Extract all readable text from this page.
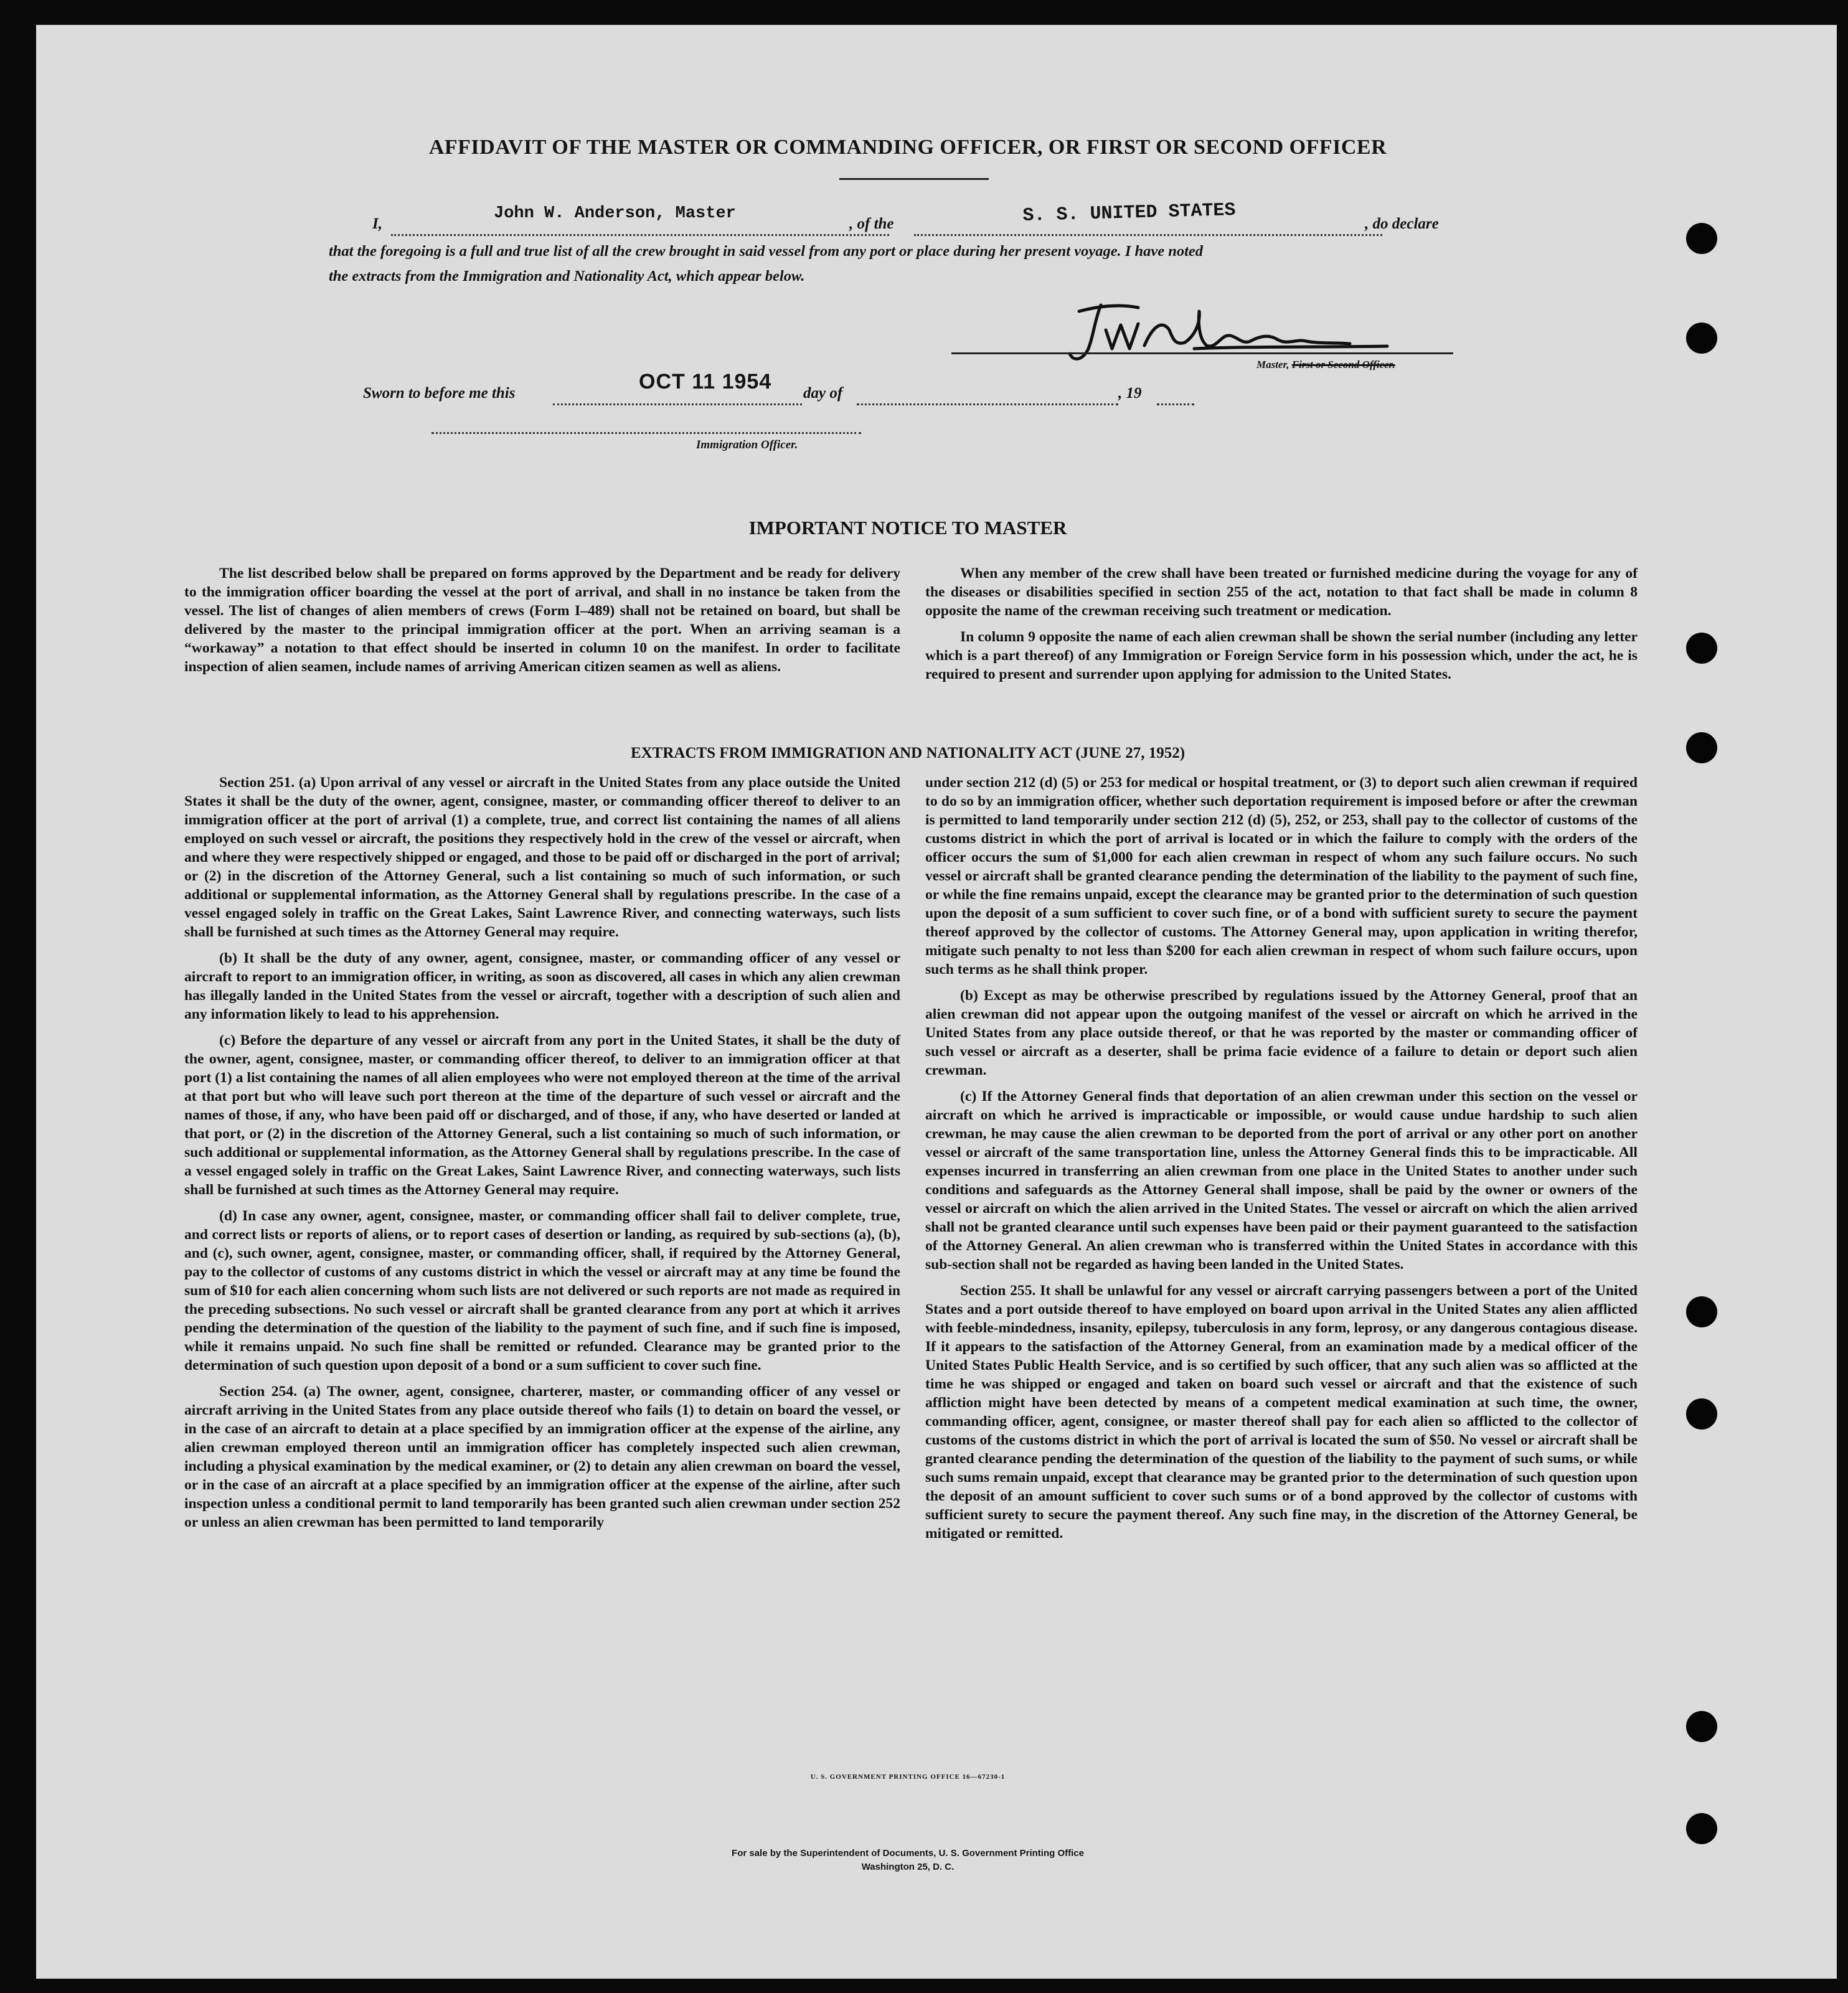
AFFIDAVIT OF THE MASTER OR COMMANDING OFFICER, OR FIRST OR SECOND OFFICER
I,
John W. Anderson, Master
, of the	S. S. UNITED STATES	, do declare
that the foregoing is a full and true list of all the crew brought in said vessel from any port or place during her present voyage. I have noted
the extracts from the Immigration and Nationality Act, which appear below.
Master, First or Second Officer.
Sworn to before me this	OCT 11 1954 day of	, 19
Immigration Officer.
IMPORTANT NOTICE TO MASTER

The list described below shall be prepared on forms approved by the Department and be ready for delivery to the immigration officer boarding the vessel at the port of arrival, and shall in no instance be taken from the vessel. The list of changes of alien members of crews (Form I–489) shall not be retained on board, but shall be delivered by the master to the principal immigration officer at the port. When an arriving seaman is a “workaway” a notation to that effect should be inserted in column 10 on the manifest. In order to facilitate inspection of alien seamen, include names of arriving American citizen seamen as well as aliens.

When any member of the crew shall have been treated or furnished medicine during the voyage for any of the diseases or disabilities specified in section 255 of the act, notation to that fact shall be made in column 8 opposite the name of the crewman receiving such treatment or medication.

In column 9 opposite the name of each alien crewman shall be shown the serial number (including any letter which is a part thereof) of any Immigration or Foreign Service form in his possession which, under the act, he is required to present and surrender upon applying for admission to the United States.

EXTRACTS FROM IMMIGRATION AND NATIONALITY ACT (JUNE 27, 1952)

Section 251. (a) Upon arrival of any vessel or aircraft in the United States from any place outside the United States it shall be the duty of the owner, agent, consignee, master, or commanding officer thereof to deliver to an immigration officer at the port of arrival (1) a complete, true, and correct list containing the names of all aliens employed on such vessel or aircraft, the positions they respectively hold in the crew of the vessel or aircraft, when and where they were respectively shipped or engaged, and those to be paid off or discharged in the port of arrival; or (2) in the discretion of the Attorney General, such a list containing so much of such information, or such additional or supplemental information, as the Attorney General shall by regulations prescribe. In the case of a vessel engaged solely in traffic on the Great Lakes, Saint Lawrence River, and connecting waterways, such lists shall be furnished at such times as the Attorney General may require.

(b) It shall be the duty of any owner, agent, consignee, master, or commanding officer of any vessel or aircraft to report to an immigration officer, in writing, as soon as discovered, all cases in which any alien crewman has illegally landed in the United States from the vessel or aircraft, together with a description of such alien and any information likely to lead to his apprehension.

(c) Before the departure of any vessel or aircraft from any port in the United States, it shall be the duty of the owner, agent, consignee, master, or commanding officer thereof, to deliver to an immigration officer at that port (1) a list containing the names of all alien employees who were not employed thereon at the time of the arrival at that port but who will leave such port thereon at the time of the departure of such vessel or aircraft and the names of those, if any, who have been paid off or discharged, and of those, if any, who have deserted or landed at that port, or (2) in the discretion of the Attorney General, such a list containing so much of such information, or such additional or supplemental information, as the Attorney General shall by regulations prescribe. In the case of a vessel engaged solely in traffic on the Great Lakes, Saint Lawrence River, and connecting waterways, such lists shall be furnished at such times as the Attorney General may require.

(d) In case any owner, agent, consignee, master, or commanding officer shall fail to deliver complete, true, and correct lists or reports of aliens, or to report cases of desertion or landing, as required by sub-sections (a), (b), and (c), such owner, agent, consignee, master, or commanding officer, shall, if required by the Attorney General, pay to the collector of customs of any customs district in which the vessel or aircraft may at any time be found the sum of $10 for each alien concerning whom such lists are not delivered or such reports are not made as required in the preceding subsections. No such vessel or aircraft shall be granted clearance from any port at which it arrives pending the determination of the question of the liability to the payment of such fine, and if such fine is imposed, while it remains unpaid. No such fine shall be remitted or refunded. Clearance may be granted prior to the determination of such question upon deposit of a bond or a sum sufficient to cover such fine.

Section 254. (a) The owner, agent, consignee, charterer, master, or commanding officer of any vessel or aircraft arriving in the United States from any place outside thereof who fails (1) to detain on board the vessel, or in the case of an aircraft to detain at a place specified by an immigration officer at the expense of the airline, any alien crewman employed thereon until an immigration officer has completely inspected such alien crewman, including a physical examination by the medical examiner, or (2) to detain any alien crewman on board the vessel, or in the case of an aircraft at a place specified by an immigration officer at the expense of the airline, after such inspection unless a conditional permit to land temporarily has been granted such alien crewman under section 252 or unless an alien crewman has been permitted to land temporarily

under section 212 (d) (5) or 253 for medical or hospital treatment, or (3) to deport such alien crewman if required to do so by an immigration officer, whether such deportation requirement is imposed before or after the crewman is permitted to land temporarily under section 212 (d) (5), 252, or 253, shall pay to the collector of customs of the customs district in which the port of arrival is located or in which the failure to comply with the orders of the officer occurs the sum of $1,000 for each alien crewman in respect of whom any such failure occurs. No such vessel or aircraft shall be granted clearance pending the determination of the liability to the payment of such fine, or while the fine remains unpaid, except the clearance may be granted prior to the determination of such question upon the deposit of a sum sufficient to cover such fine, or of a bond with sufficient surety to secure the payment thereof approved by the collector of customs. The Attorney General may, upon application in writing therefor, mitigate such penalty to not less than $200 for each alien crewman in respect of whom such failure occurs, upon such terms as he shall think proper.

(b) Except as may be otherwise prescribed by regulations issued by the Attorney General, proof that an alien crewman did not appear upon the outgoing manifest of the vessel or aircraft on which he arrived in the United States from any place outside thereof, or that he was reported by the master or commanding officer of such vessel or aircraft as a deserter, shall be prima facie evidence of a failure to detain or deport such alien crewman.

(c) If the Attorney General finds that deportation of an alien crewman under this section on the vessel or aircraft on which he arrived is impracticable or impossible, or would cause undue hardship to such alien crewman, he may cause the alien crewman to be deported from the port of arrival or any other port on another vessel or aircraft of the same transportation line, unless the Attorney General finds this to be impracticable. All expenses incurred in transferring an alien crewman from one place in the United States to another under such conditions and safeguards as the Attorney General shall impose, shall be paid by the owner or owners of the vessel or aircraft on which the alien arrived in the United States. The vessel or aircraft on which the alien arrived shall not be granted clearance until such expenses have been paid or their payment guaranteed to the satisfaction of the Attorney General. An alien crewman who is transferred within the United States in accordance with this sub-section shall not be regarded as having been landed in the United States.

Section 255. It shall be unlawful for any vessel or aircraft carrying passengers between a port of the United States and a port outside thereof to have employed on board upon arrival in the United States any alien afflicted with feeble-mindedness, insanity, epilepsy, tuberculosis in any form, leprosy, or any dangerous contagious disease. If it appears to the satisfaction of the Attorney General, from an examination made by a medical officer of the United States Public Health Service, and is so certified by such officer, that any such alien was so afflicted at the time he was shipped or engaged and taken on board such vessel or aircraft and that the existence of such affliction might have been detected by means of a competent medical examination at such time, the owner, commanding officer, agent, consignee, or master thereof shall pay for each alien so afflicted to the collector of customs of the customs district in which the port of arrival is located the sum of $50. No vessel or aircraft shall be granted clearance pending the determination of the question of the liability to the payment of such sums, or while such sums remain unpaid, except that clearance may be granted prior to the determination of such question upon the deposit of an amount sufficient to cover such sums or of a bond approved by the collector of customs with sufficient surety to secure the payment thereof. Any such fine may, in the discretion of the Attorney General, be mitigated or remitted.

U. S. GOVERNMENT PRINTING OFFICE 16—67230-1
For sale by the Superintendent of Documents, U. S. Government Printing Office
Washington 25, D. C.
